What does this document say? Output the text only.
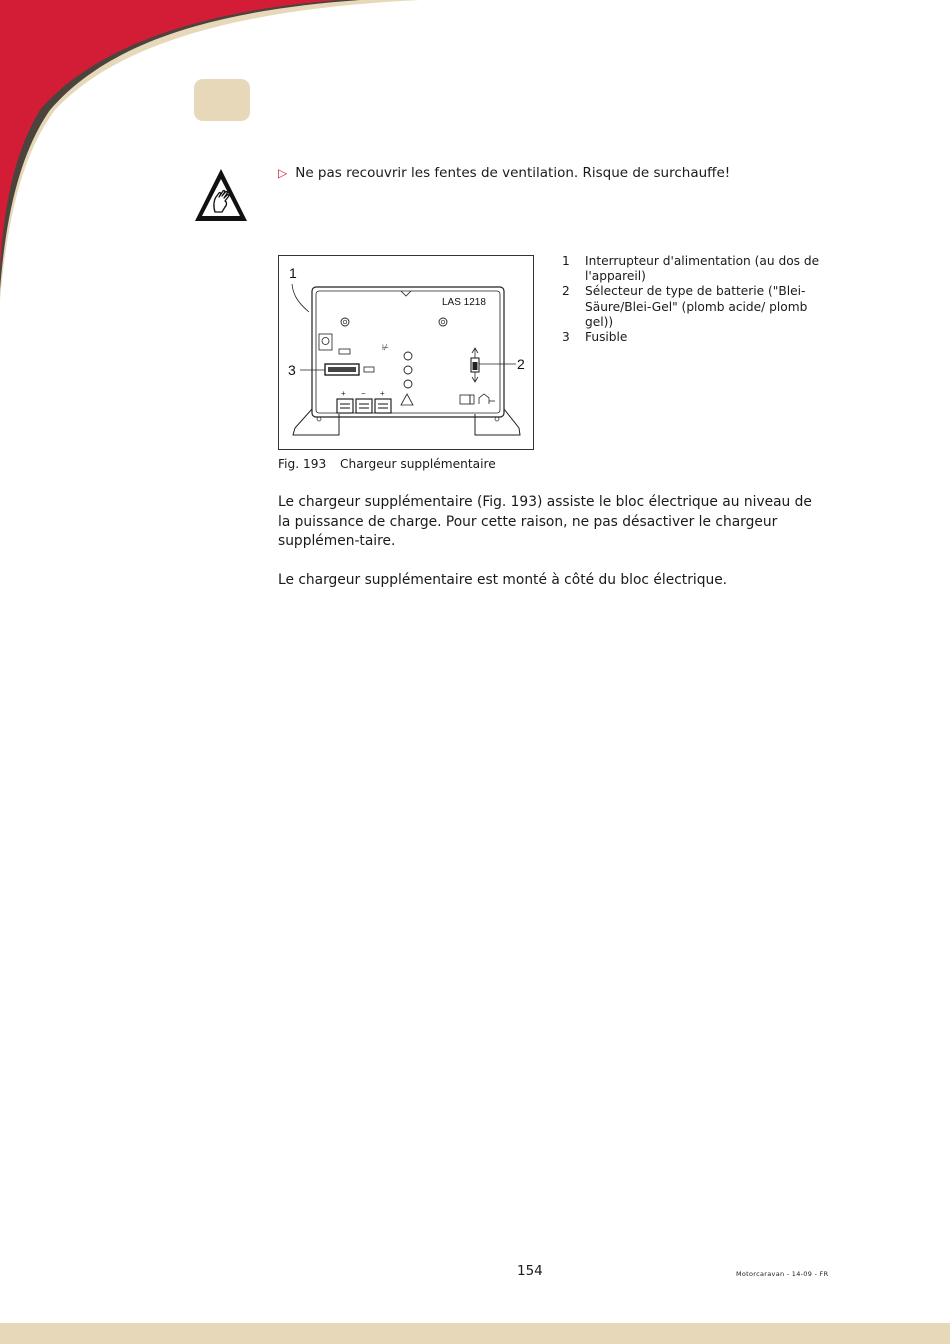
▷ Ne pas recouvrir les fentes de ventilation. Risque de surchauffe!
LAS 1218
⊬
1
2
3
+ − +
1	Interrupteur d'alimentation (au dos de l'appareil)
2	Sélecteur de type de batterie ("Blei-Säure/Blei-Gel" (plomb acide/ plomb gel))
3	Fusible
Fig. 193 Chargeur supplémentaire

Le chargeur supplémentaire (Fig. 193) assiste le bloc électrique au niveau de la puissance de charge. Pour cette raison, ne pas désactiver le chargeur supplémen-taire.

Le chargeur supplémentaire est monté à côté du bloc électrique.

154	Motorcaravan - 14-09 - FR
